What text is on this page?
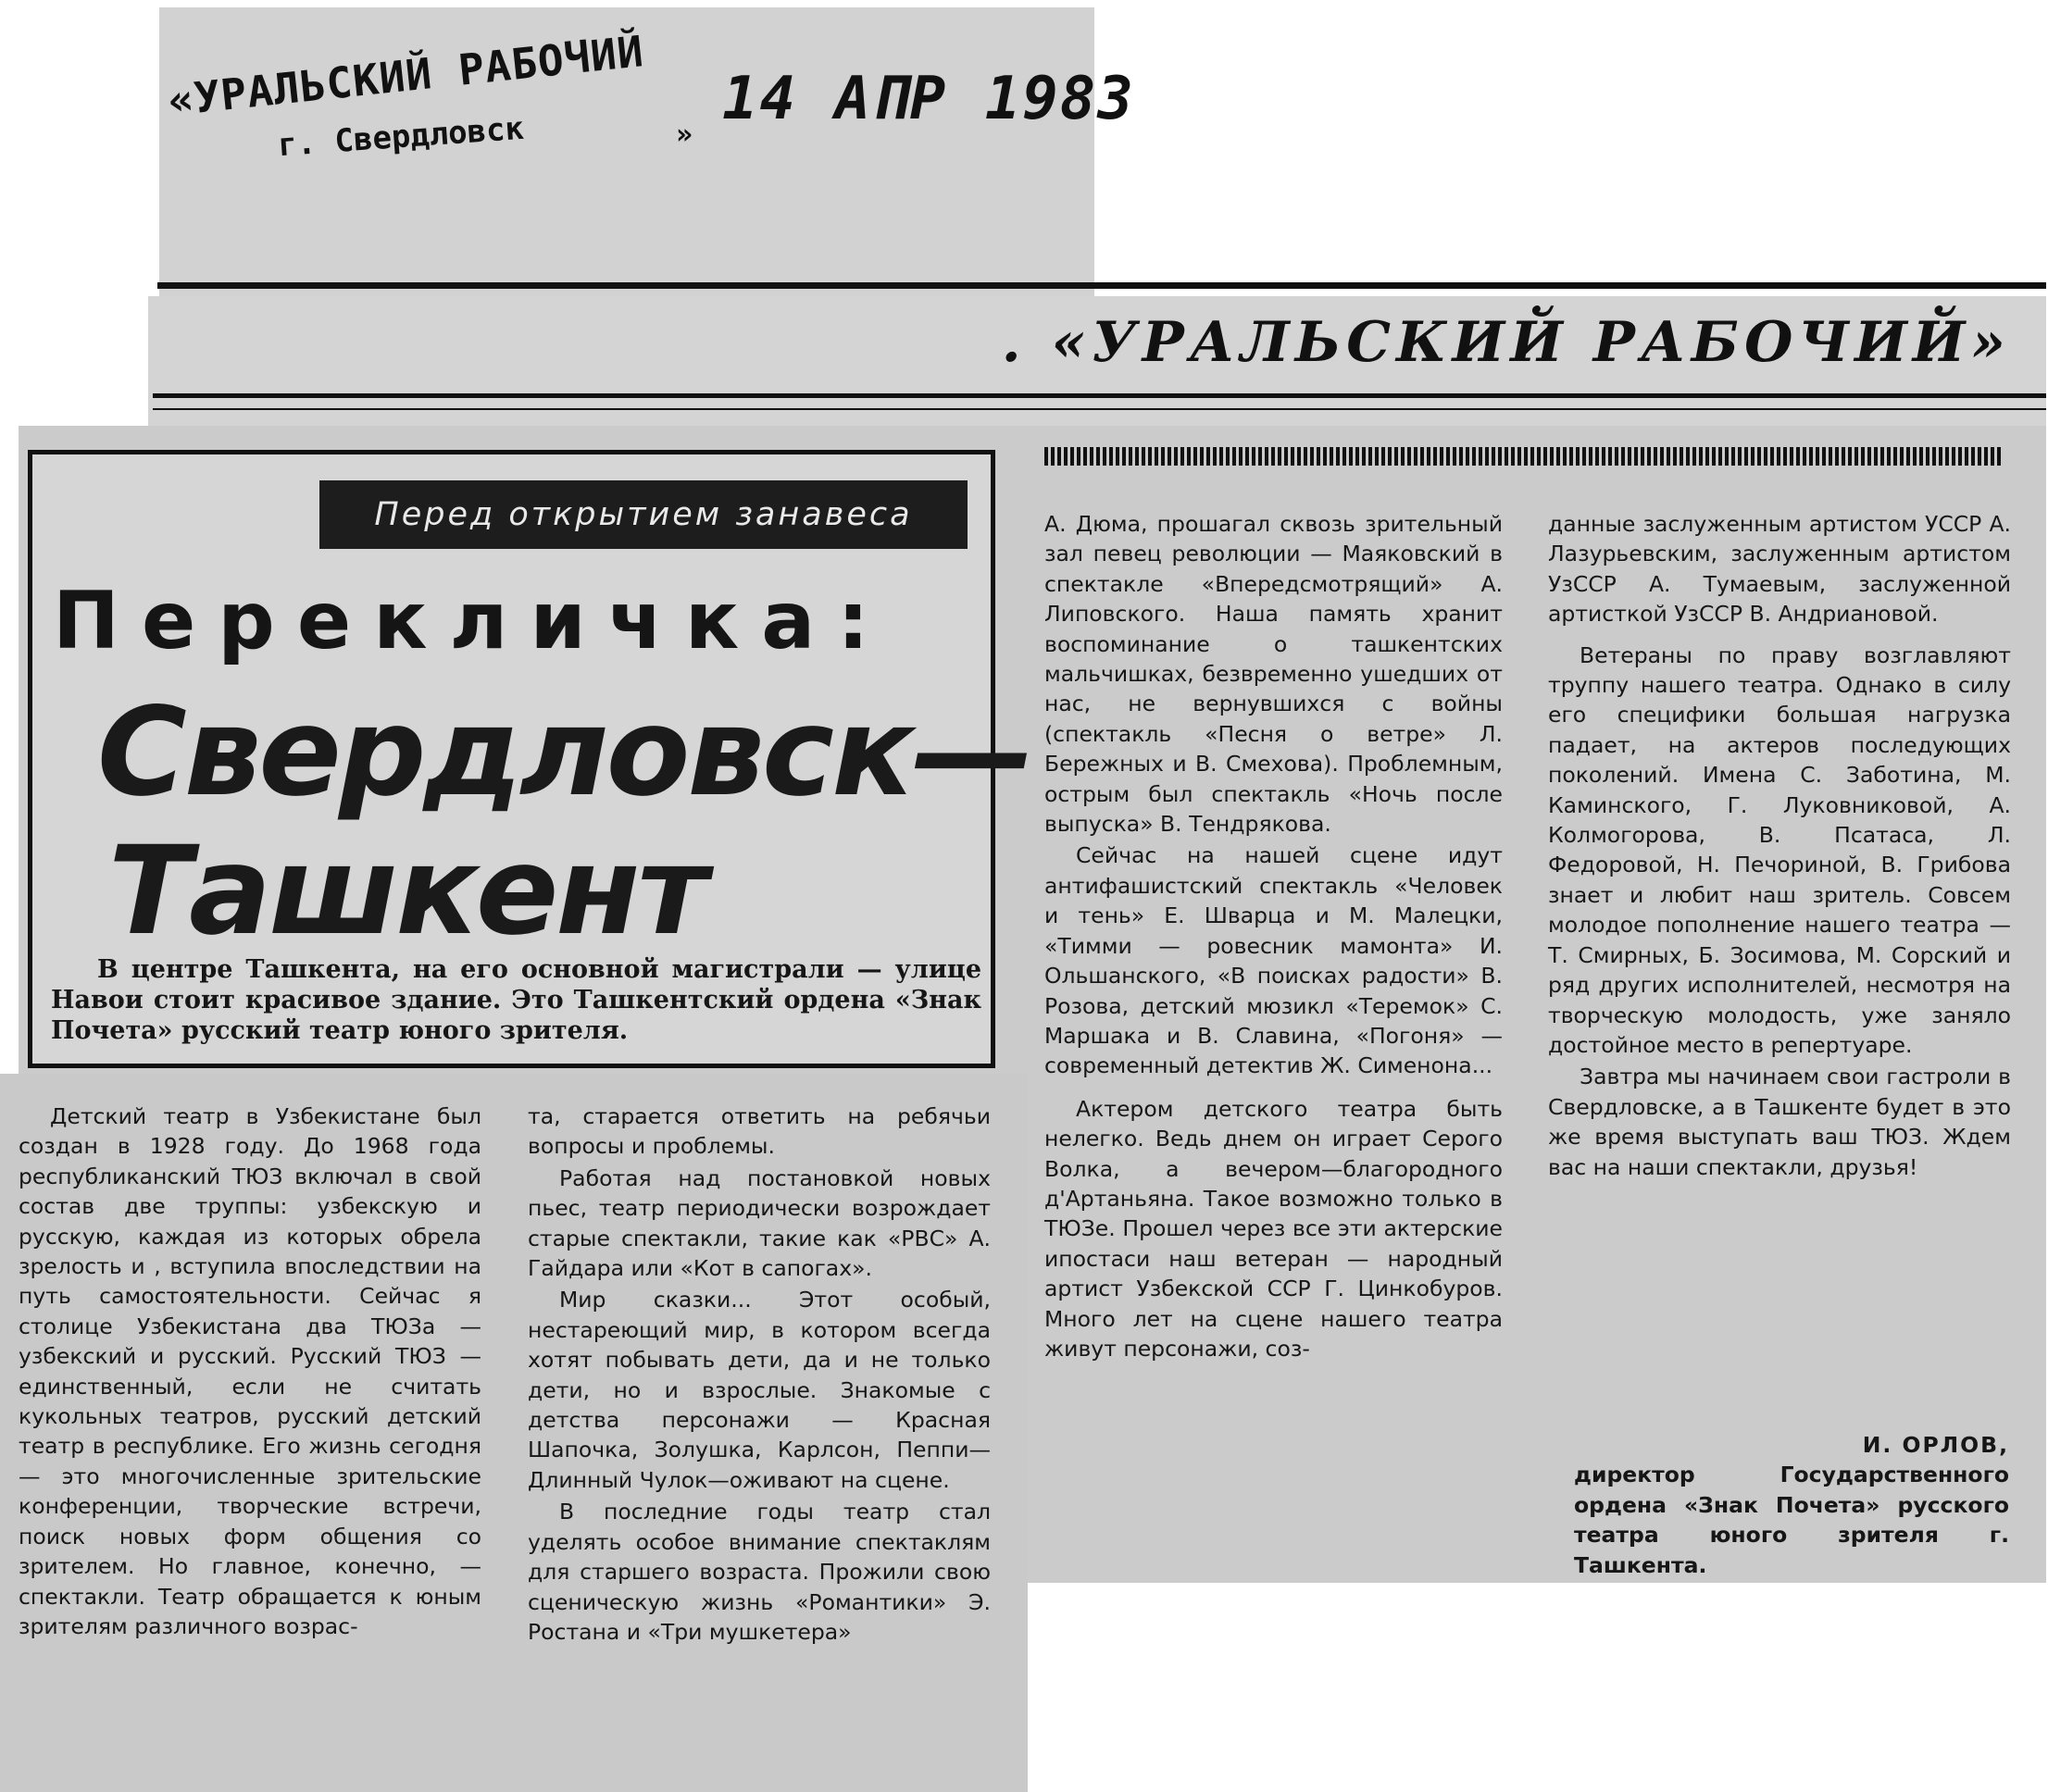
«УРАЛЬСКИЙ РАБОЧИЙ
г. Свердловск	»
14 АПР 1983
. «УРАЛЬСКИЙ РАБОЧИЙ»
Перед открытием занавеса
Перекличка:
Свердловск—
Ташкент
В центре Ташкента, на его основной магистрали — улице Навои стоит красивое здание. Это Ташкентский ордена «Знак Почета» русский театр юного зрителя.

Детский театр в Узбекистане был создан в 1928 году. До 1968 года республиканский ТЮЗ включал в свой состав две труппы: узбекскую и русскую, каждая из которых обрела зрелость и , вступила впоследствии на путь самостоятельности. Сейчас я столице Узбекистана два ТЮЗа — узбекский и русский. Русский ТЮЗ — единственный, если не считать кукольных театров, русский детский театр в республике. Его жизнь сегодня — это многочисленные зрительские конференции, творческие встречи, поиск новых форм общения со зрителем. Но главное, конечно, — спектакли. Театр обращается к юным зрителям различного возрас-

та, старается ответить на ребячьи вопросы и проблемы.

Работая над постановкой новых пьес, театр периодически возрождает старые спектакли, такие как «РВС» А. Гайдара или «Кот в сапогах».

Мир сказки... Этот особый, нестареющий мир, в котором всегда хотят побывать дети, да и не только дети, но и взрослые. Знакомые с детства персонажи — Красная Шапочка, Золушка, Карлсон, Пеппи—Длинный Чулок—оживают на сцене.

В последние годы театр стал уделять особое внимание спектаклям для старшего возраста. Прожили свою сценическую жизнь «Романтики» Э. Ростана и «Три мушкетера»

А. Дюма, прошагал сквозь зрительный зал певец революции — Маяковский в спектакле «Впередсмотрящий» А. Липовского. Наша память хранит воспоминание о ташкентских мальчишках, безвременно ушедших от нас, не вернувшихся с войны (спектакль «Песня о ветре» Л. Бережных и В. Смехова). Проблемным, острым был спектакль «Ночь после выпуска» В. Тендрякова.

Сейчас на нашей сцене идут антифашистский спектакль «Человек и тень» Е. Шварца и М. Малецки, «Тимми — ровесник мамонта» И. Ольшанского, «В поисках радости» В. Розова, детский мюзикл «Теремок» С. Маршака и В. Славина, «Погоня» — современный детектив Ж. Сименона...

Актером детского театра быть нелегко. Ведь днем он играет Серого Волка, а вечером—благородного д'Артаньяна. Такое возможно только в ТЮЗе. Прошел через все эти актерские ипостаси наш ветеран — народный артист Узбекской ССР Г. Цинкобуров. Много лет на сцене нашего театра живут персонажи, соз-

данные заслуженным артистом УССР А. Лазурьевским, заслуженным артистом УзССР А. Тумаевым, заслуженной артисткой УзССР В. Андриановой.

Ветераны по праву возглавляют труппу нашего театра. Однако в силу его специфики большая нагрузка падает, на актеров последующих поколений. Имена С. Заботина, М. Каминского, Г. Луковниковой, А. Колмогорова, В. Псатаса, Л. Федоровой, Н. Печориной, В. Грибова знает и любит наш зритель. Совсем молодое пополнение нашего театра — Т. Смирных, Б. Зосимова, М. Сорский и ряд других исполнителей, несмотря на творческую молодость, уже заняло достойное место в репертуаре.

Завтра мы начинаем свои гастроли в Свердловске, а в Ташкенте будет в это же время выступать ваш ТЮЗ. Ждем вас на наши спектакли, друзья!

И. ОРЛОВ,
директор Государственного ордена «Знак Почета» русского театра юного зрителя г. Ташкента.
